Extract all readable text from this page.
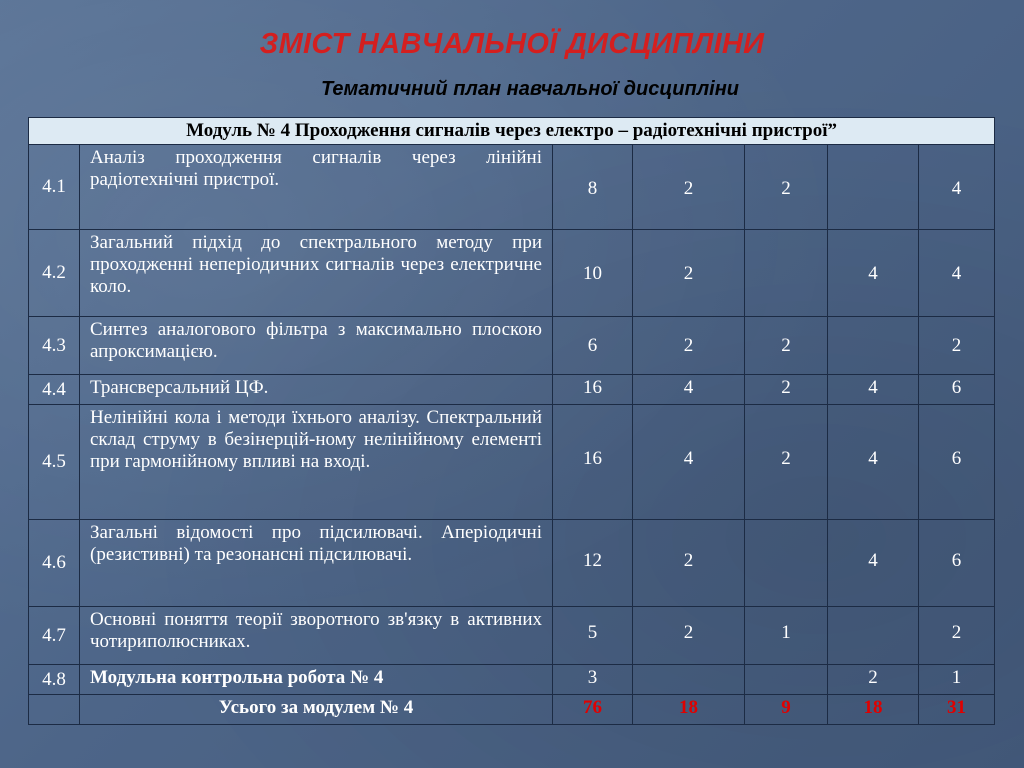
ЗМІСТ НАВЧАЛЬНОЇ ДИСЦИПЛІНИ
Тематичний план навчальної дисципліни
Модуль № 4 Проходження сигналів через електро – радіотехнічні пристрої”						
4.1	Аналіз проходження сигналів через лінійні радіотехнічні пристрої.	8	2	2		4
4.2	Загальний підхід до спектрального методу при проходженні неперіодичних сигналів через електричне коло.	10	2		4	4
4.3	Синтез аналогового фільтра з максимально плоскою апроксимацією.	6	2	2		2
4.4	Трансверсальний ЦФ.	16	4	2	4	6
4.5	Нелінійні кола і методи їхнього аналізу. Спектральний склад струму в безінерцій-ному нелінійному елементі при гармонійному впливі на вході.	16	4	2	4	6
4.6	Загальні відомості про підсилювачі. Аперіодичні (резистивні) та резонансні підсилювачі.	12	2		4	6
4.7	Основні поняття теорії зворотного зв'язку в активних чотириполюсниках.	5	2	1		2
4.8	Модульна контрольна робота № 4	3			2	1
	Усього за модулем № 4	76	18	9	18	31
